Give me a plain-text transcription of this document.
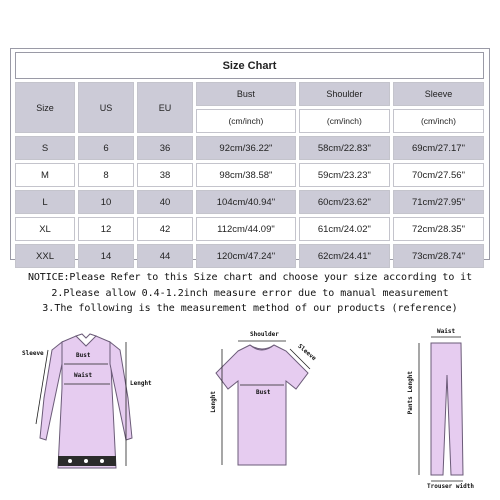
Size Chart					
Size	US	EU	Bust	Shoulder	Sleeve
			(cm/inch)	(cm/inch)	(cm/inch)
S	6	36	92cm/36.22"	58cm/22.83"	69cm/27.17"
M	8	38	98cm/38.58"	59cm/23.23"	70cm/27.56"
L	10	40	104cm/40.94"	60cm/23.62"	71cm/27.95"
XL	12	42	112cm/44.09"	61cm/24.02"	72cm/28.35"
XXL	14	44	120cm/47.24"	62cm/24.41"	73cm/28.74"
NOTICE:Please Refer to this Size chart and choose your size according to it
2.Please allow 0.4-1.2inch measure error due to manual measurement
3.The following is the measurement method of our products (reference)
Sleeve	Bust
Waist
Lenght
Shoulder
Sleeve
Bust
Lenght
Waist
Pants Lenght
Trouser width
